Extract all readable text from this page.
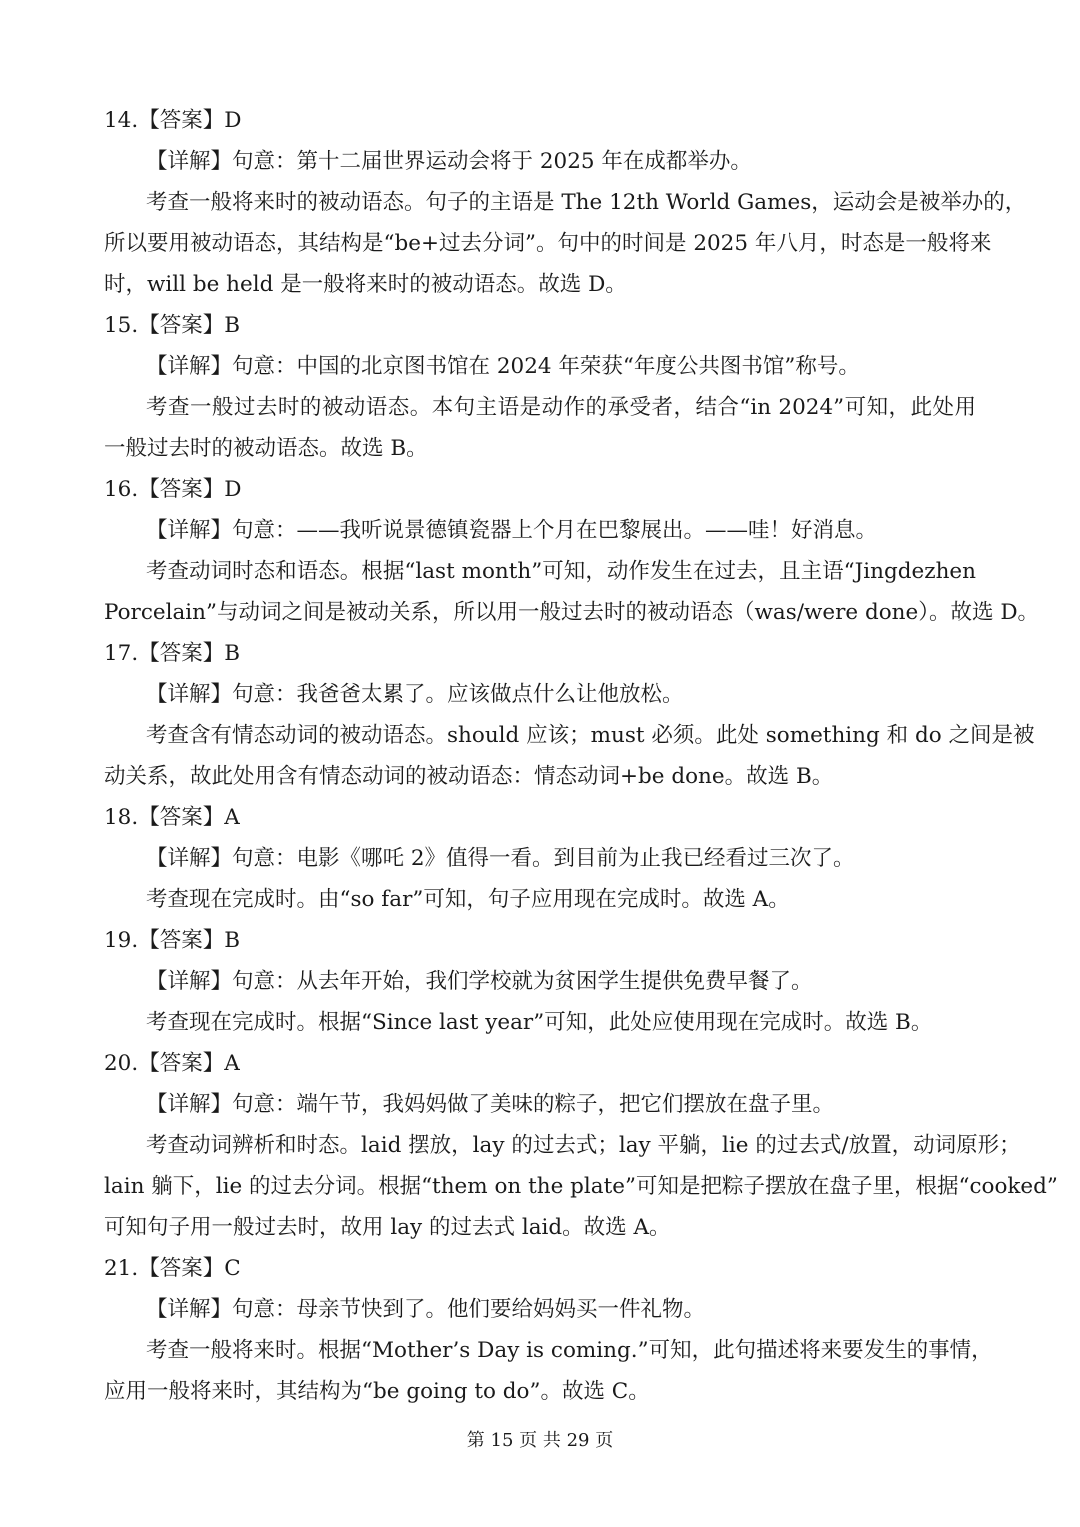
14.【答案】D
【详解】句意：第十二届世界运动会将于 2025 年在成都举办。
考查一般将来时的被动语态。句子的主语是 The 12th World Games，运动会是被举办的，
所以要用被动语态，其结构是“be+过去分词”。句中的时间是 2025 年八月，时态是一般将来
时，will be held 是一般将来时的被动语态。故选 D。
15.【答案】B
【详解】句意：中国的北京图书馆在 2024 年荣获“年度公共图书馆”称号。
考查一般过去时的被动语态。本句主语是动作的承受者，结合“in 2024”可知，此处用
一般过去时的被动语态。故选 B。
16.【答案】D
【详解】句意：——我听说景德镇瓷器上个月在巴黎展出。——哇！好消息。
考查动词时态和语态。根据“last month”可知，动作发生在过去，且主语“Jingdezhen
Porcelain”与动词之间是被动关系，所以用一般过去时的被动语态（was/were done）。故选 D。
17.【答案】B
【详解】句意：我爸爸太累了。应该做点什么让他放松。
考查含有情态动词的被动语态。should 应该；must 必须。此处 something 和 do 之间是被
动关系，故此处用含有情态动词的被动语态：情态动词+be done。故选 B。
18.【答案】A
【详解】句意：电影《哪吒 2》值得一看。到目前为止我已经看过三次了。
考查现在完成时。由“so far”可知，句子应用现在完成时。故选 A。
19.【答案】B
【详解】句意：从去年开始，我们学校就为贫困学生提供免费早餐了。
考查现在完成时。根据“Since last year”可知，此处应使用现在完成时。故选 B。
20.【答案】A
【详解】句意：端午节，我妈妈做了美味的粽子，把它们摆放在盘子里。
考查动词辨析和时态。laid 摆放，lay 的过去式；lay 平躺，lie 的过去式/放置，动词原形；
lain 躺下，lie 的过去分词。根据“them on the plate”可知是把粽子摆放在盘子里，根据“cooked”
可知句子用一般过去时，故用 lay 的过去式 laid。故选 A。
21.【答案】C
【详解】句意：母亲节快到了。他们要给妈妈买一件礼物。
考查一般将来时。根据“Mother’s Day is coming.”可知，此句描述将来要发生的事情，
应用一般将来时，其结构为“be going to do”。故选 C。
第 15 页 共 29 页
